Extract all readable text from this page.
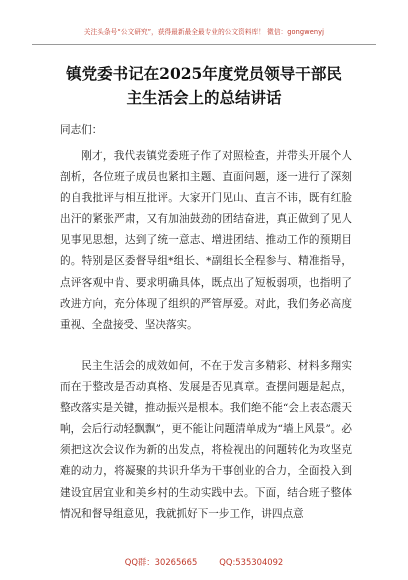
关注头条号“公文研究”，获得最新最全最专业的公文资料库！ 微信：gongwenyj
镇党委书记在2025年度党员领导干部民
主生活会上的总结讲话
同志们：
刚才，我代表镇党委班子作了对照检查，并带头开展个人剖析，各位班子成员也紧扣主题、直面问题，逐一进行了深刻的自我批评与相互批评。大家开门见山、直言不讳，既有红脸出汗的紧张严肃，又有加油鼓劲的团结奋进，真正做到了见人见事见思想，达到了统一意志、增进团结、推动工作的预期目的。特别是区委督导组*组长、*副组长全程参与、精准指导，点评客观中肯、要求明确具体，既点出了短板弱项，也指明了改进方向，充分体现了组织的严管厚爱。对此，我们务必高度重视、全盘接受、坚决落实。
民主生活会的成效如何，不在于发言多精彩、材料多翔实而在于整改是否动真格、发展是否见真章。查摆问题是起点，整改落实是关键，推动振兴是根本。我们绝不能“会上表态震天响，会后行动轻飘飘”，更不能让问题清单成为“墙上风景”。必须把这次会议作为新的出发点，将检视出的问题转化为攻坚克难的动力，将凝聚的共识升华为干事创业的合力，全面投入到建设宜居宜业和美乡村的生动实践中去。下面，结合班子整体情况和督导组意见，我就抓好下一步工作，讲四点意
QQ群：30265665	QQ:535304092
